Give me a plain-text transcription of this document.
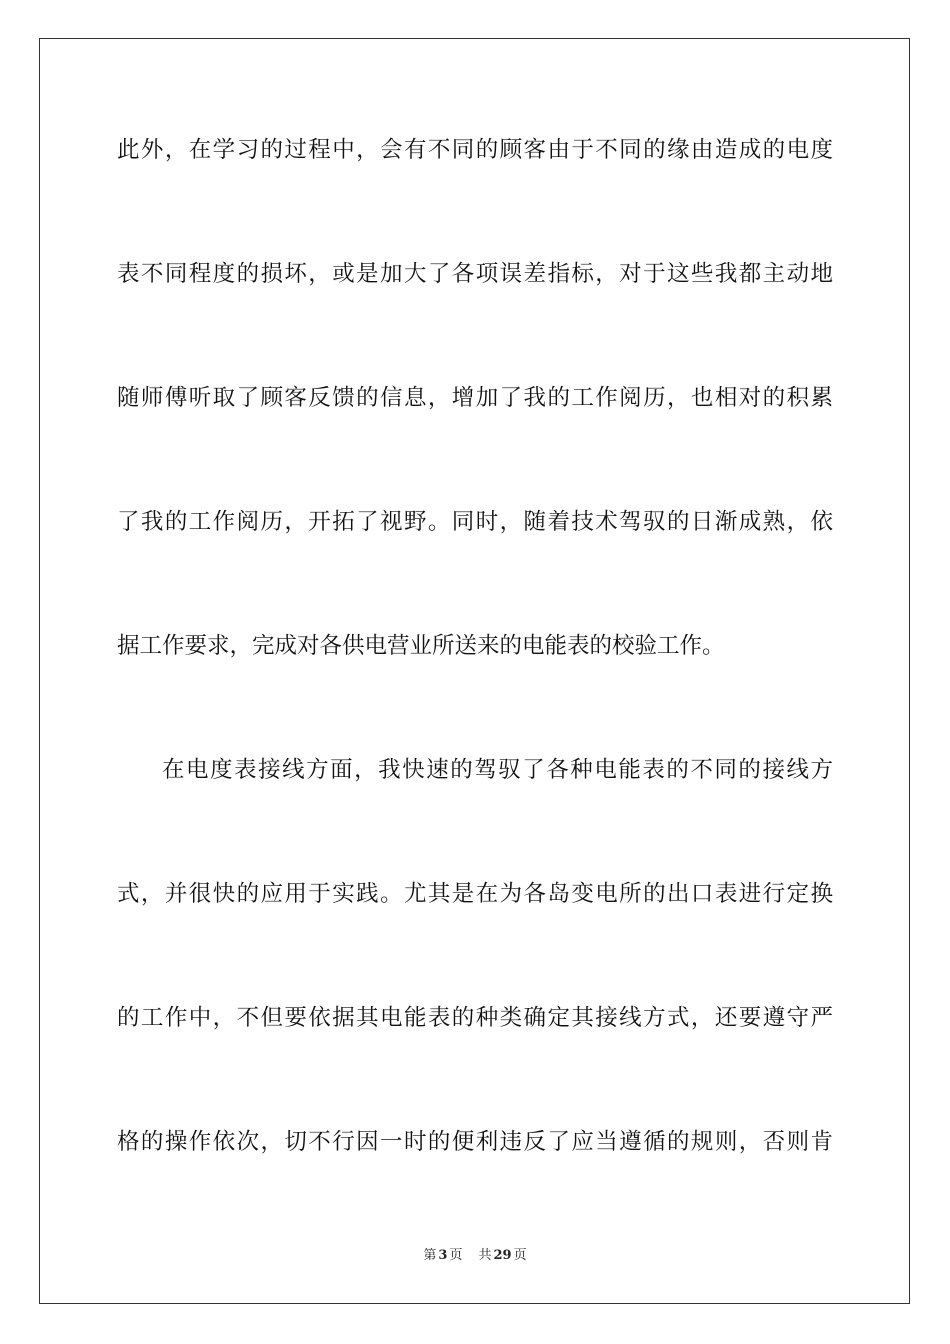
此外，在学习的过程中，会有不同的顾客由于不同的缘由造成的电度
表不同程度的损坏，或是加大了各项误差指标，对于这些我都主动地
随师傅听取了顾客反馈的信息，增加了我的工作阅历，也相对的积累
了我的工作阅历，开拓了视野。同时，随着技术驾驭的日渐成熟，依
据工作要求，完成对各供电营业所送来的电能表的校验工作。
在电度表接线方面，我快速的驾驭了各种电能表的不同的接线方
式，并很快的应用于实践。尤其是在为各岛变电所的出口表进行定换
的工作中，不但要依据其电能表的种类确定其接线方式，还要遵守严
格的操作依次，切不行因一时的便利违反了应当遵循的规则，否则肯
第 3 页 共 29 页
